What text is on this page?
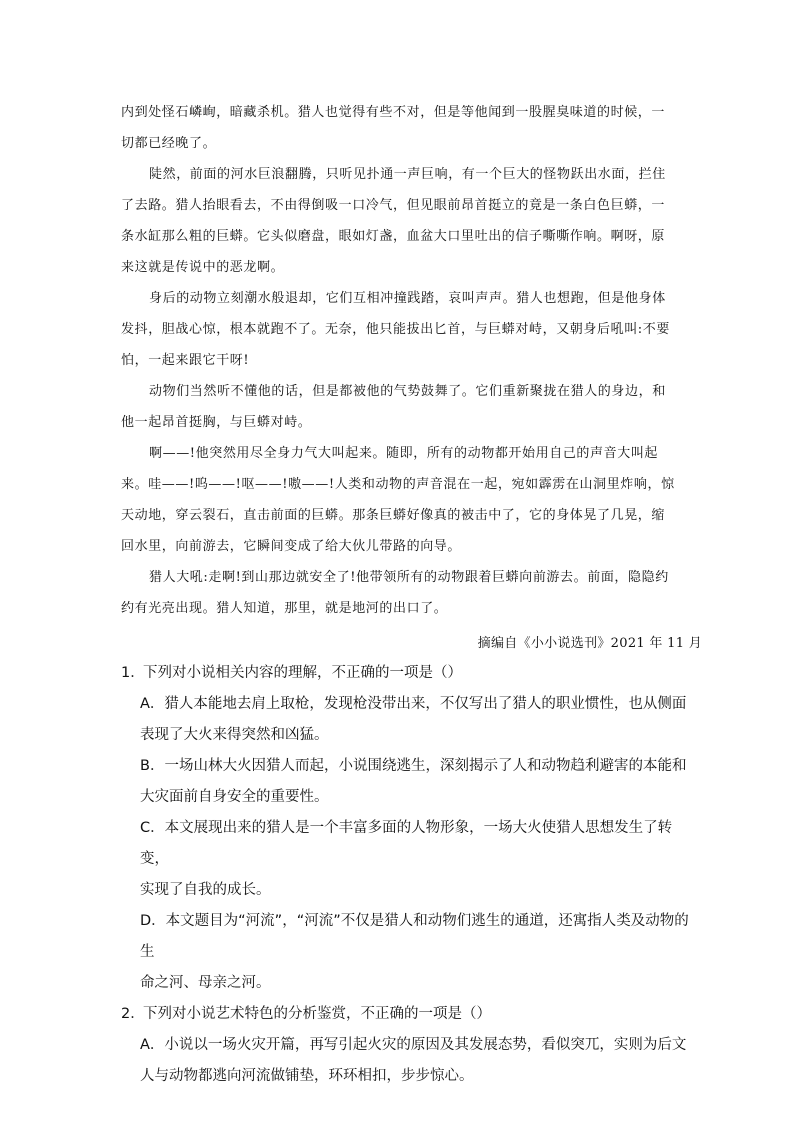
内到处怪石嶙峋，暗藏杀机。猎人也觉得有些不对，但是等他闻到一股腥臭味道的时候，一切都已经晚了。

陡然，前面的河水巨浪翻腾，只听见扑通一声巨响，有一个巨大的怪物跃出水面，拦住了去路。猎人抬眼看去，不由得倒吸一口冷气，但见眼前昂首挺立的竟是一条白色巨蟒，一条水缸那么粗的巨蟒。它头似磨盘，眼如灯盏，血盆大口里吐出的信子嘶嘶作响。啊呀，原来这就是传说中的恶龙啊。

身后的动物立刻潮水般退却，它们互相冲撞践踏，哀叫声声。猎人也想跑，但是他身体发抖，胆战心惊，根本就跑不了。无奈，他只能拔出匕首，与巨蟒对峙，又朝身后吼叫:不要怕，一起来跟它干呀!

动物们当然听不懂他的话，但是都被他的气势鼓舞了。它们重新聚拢在猎人的身边，和他一起昂首挺胸，与巨蟒对峙。

啊——!他突然用尽全身力气大叫起来。随即，所有的动物都开始用自己的声音大叫起来。哇——!呜——!呕——!嗷——!人类和动物的声音混在一起，宛如霹雳在山洞里炸响，惊天动地，穿云裂石，直击前面的巨蟒。那条巨蟒好像真的被击中了，它的身体晃了几晃，缩回水里，向前游去，它瞬间变成了给大伙儿带路的向导。

猎人大吼:走啊!到山那边就安全了!他带领所有的动物跟着巨蟒向前游去。前面，隐隐约约有光亮出现。猎人知道，那里，就是地河的出口了。

摘编自《小小说选刊》2021 年 11 月

1．下列对小说相关内容的理解，不正确的一项是（）

A．猎人本能地去肩上取枪，发现枪没带出来，不仅写出了猎人的职业惯性，也从侧面
表现了大火来得突然和凶猛。
B．一场山林大火因猎人而起，小说围绕逃生，深刻揭示了人和动物趋利避害的本能和
大灾面前自身安全的重要性。
C．本文展现出来的猎人是一个丰富多面的人物形象，一场大火使猎人思想发生了转变，
实现了自我的成长。
D．本文题目为“河流”，“河流”不仅是猎人和动物们逃生的通道，还寓指人类及动物的生
命之河、母亲之河。

2．下列对小说艺术特色的分析鉴赏，不正确的一项是（）

A．小说以一场火灾开篇，再写引起火灾的原因及其发展态势，看似突兀，实则为后文
人与动物都逃向河流做铺垫，环环相扣，步步惊心。
